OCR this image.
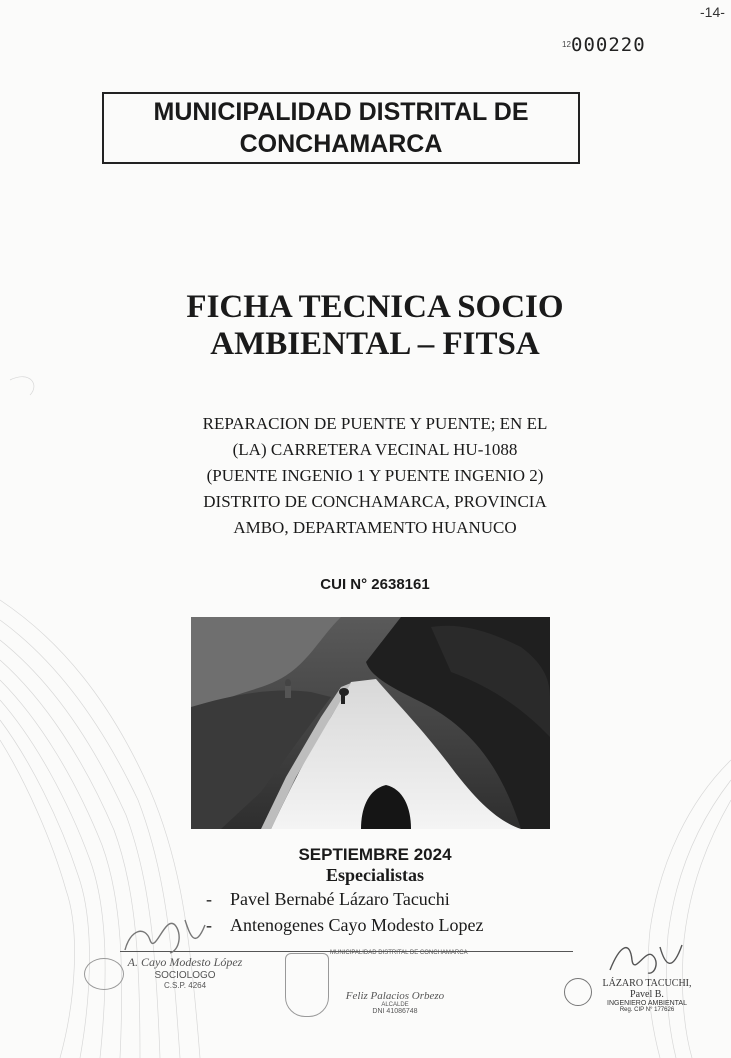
-14-
12 000220
MUNICIPALIDAD DISTRITAL DE
CONCHAMARCA
FICHA TECNICA SOCIO
AMBIENTAL – FITSA
REPARACION DE PUENTE Y PUENTE; EN EL
(LA) CARRETERA VECINAL HU-1088
(PUENTE INGENIO 1 Y PUENTE INGENIO 2)
DISTRITO DE CONCHAMARCA, PROVINCIA
AMBO, DEPARTAMENTO HUANUCO
CUI N° 2638161
SEPTIEMBRE 2024
Especialistas
-	Pavel Bernabé Lázaro Tacuchi
-	Antenogenes Cayo Modesto Lopez
A. Cayo Modesto López
SOCIOLOGO
C.S.P. 4264
MUNICIPALIDAD DISTRITAL DE CONCHAMARCA
Feliz Palacios Orbezo
ALCALDE
DNI 41086748
LÁZARO TACUCHI, Pavel B.
INGENIERO AMBIENTAL
Reg. CIP N° 177626
